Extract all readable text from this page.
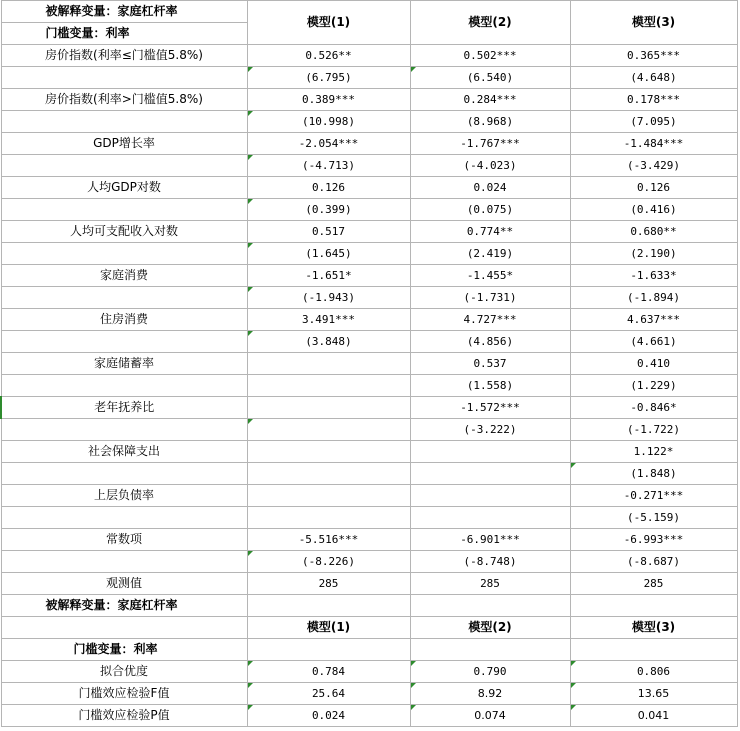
被解释变量：家庭杠杆率	模型(1)	模型(2)	模型(3)
门槛变量：利率			
房价指数(利率≤门槛值5.8%)	0.526**	0.502***	0.365***
	(6.795)	(6.540)	(4.648)
房价指数(利率>门槛值5.8%)	0.389***	0.284***	0.178***
	(10.998)	(8.968)	(7.095)
GDP增长率	-2.054***	-1.767***	-1.484***
	(-4.713)	(-4.023)	(-3.429)
人均GDP对数	0.126	0.024	0.126
	(0.399)	(0.075)	(0.416)
人均可支配收入对数	0.517	0.774**	0.680**
	(1.645)	(2.419)	(2.190)
家庭消费	-1.651*	-1.455*	-1.633*
	(-1.943)	(-1.731)	(-1.894)
住房消费	3.491***	4.727***	4.637***
	(3.848)	(4.856)	(4.661)
家庭储蓄率		0.537	0.410
		(1.558)	(1.229)
老年抚养比		-1.572***	-0.846*
		(-3.222)	(-1.722)
社会保障支出			1.122*
			(1.848)
上层负债率			-0.271***
			(-5.159)
常数项	-5.516***	-6.901***	-6.993***
	(-8.226)	(-8.748)	(-8.687)
观测值	285	285	285
被解释变量：家庭杠杆率			
	模型(1)	模型(2)	模型(3)
门槛变量：利率			
拟合优度	0.784	0.790	0.806
门槛效应检验F值	25.64	8.92	13.65
门槛效应检验P值	0.024	0.074	0.041
